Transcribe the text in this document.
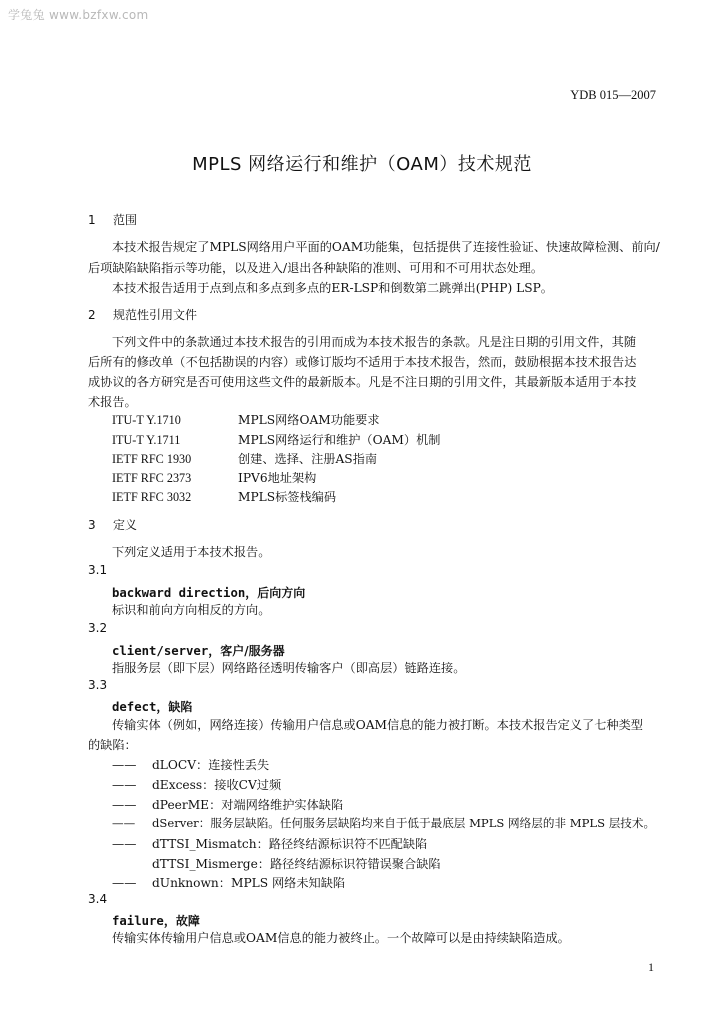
学兔兔 www.bzfxw.com
YDB 015—2007
MPLS 网络运行和维护（OAM）技术规范
1 范围
本技术报告规定了MPLS网络用户平面的OAM功能集，包括提供了连接性验证、快速故障检测、前向/
后项缺陷缺陷指示等功能，以及进入/退出各种缺陷的准则、可用和不可用状态处理。
本技术报告适用于点到点和多点到多点的ER-LSP和倒数第二跳弹出(PHP) LSP。
2 规范性引用文件
下列文件中的条款通过本技术报告的引用而成为本技术报告的条款。凡是注日期的引用文件，其随
后所有的修改单（不包括勘误的内容）或修订版均不适用于本技术报告，然而，鼓励根据本技术报告达
成协议的各方研究是否可使用这些文件的最新版本。凡是不注日期的引用文件，其最新版本适用于本技
术报告。
ITU-T Y.1710	MPLS网络OAM功能要求
ITU-T Y.1711	MPLS网络运行和维护（OAM）机制
IETF RFC 1930	创建、选择、注册AS指南
IETF RFC 2373	IPV6地址架构
IETF RFC 3032	MPLS标签栈编码
3 定义
下列定义适用于本技术报告。
3.1
backward direction，后向方向
标识和前向方向相反的方向。
3.2
client/server，客户/服务器
指服务层（即下层）网络路径透明传输客户（即高层）链路连接。
3.3
defect，缺陷
传输实体（例如，网络连接）传输用户信息或OAM信息的能力被打断。本技术报告定义了七种类型
的缺陷：
—— dLOCV：连接性丢失
—— dExcess：接收CV过频
—— dPeerME：对端网络维护实体缺陷
—— dServer：服务层缺陷。任何服务层缺陷均来自于低于最底层 MPLS 网络层的非 MPLS 层技术。
—— dTTSI_Mismatch：路径终结源标识符不匹配缺陷
dTTSI_Mismerge：路径终结源标识符错误聚合缺陷
—— dUnknown：MPLS 网络未知缺陷
3.4
failure，故障
传输实体传输用户信息或OAM信息的能力被终止。一个故障可以是由持续缺陷造成。
1
